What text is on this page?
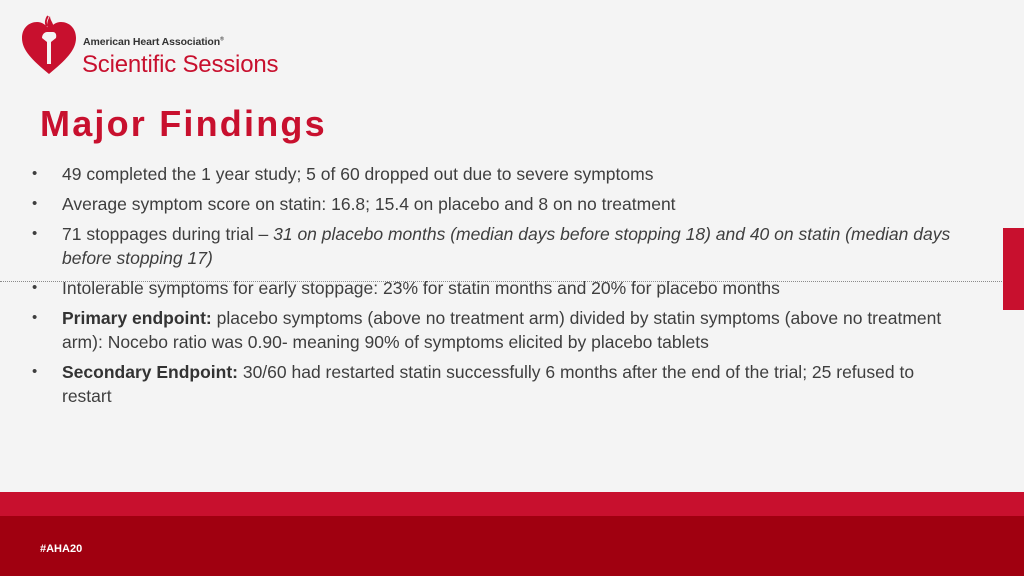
American Heart Association®
Scientific Sessions
Major Findings
• 49 completed the 1 year study; 5 of 60 dropped out due to severe symptoms
• Average symptom score on statin: 16.8; 15.4 on placebo and 8 on no treatment
• 71 stoppages during trial – 31 on placebo months (median days before stopping 18) and 40 on statin (median days before stopping 17)
• Intolerable symptoms for early stoppage: 23% for statin months and 20% for placebo months
• Primary endpoint: placebo symptoms (above no treatment arm) divided by statin symptoms (above no treatment arm): Nocebo ratio was 0.90- meaning 90% of symptoms elicited by placebo tablets
• Secondary Endpoint: 30/60 had restarted statin successfully 6 months after the end of the trial; 25 refused to restart
#AHA20
